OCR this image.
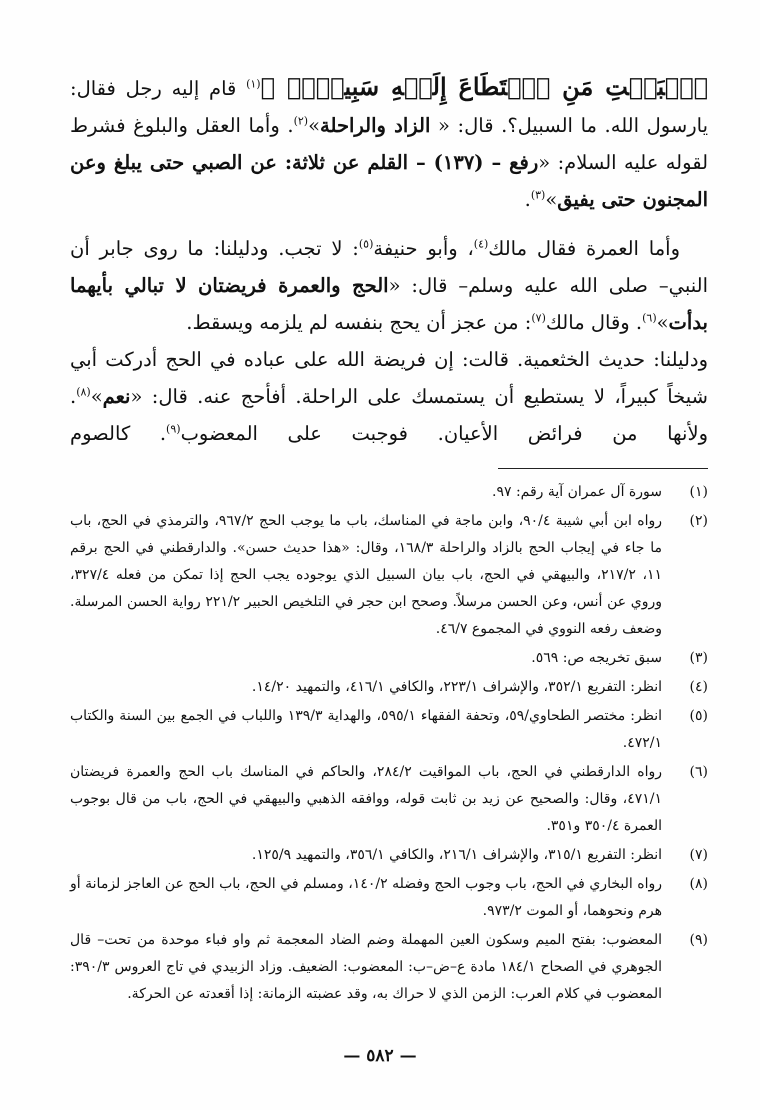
ٱلۡبَيۡتِ مَنِ ٱسۡتَطَاعَ إِلَيۡهِ سَبِيلٗاۚ ﴾$^{(١)}$ قام إليه رجل فقال: يارسول الله. ما السبيل؟. قال: « الزاد والراحلة»$^{(٢)}$. وأما العقل والبلوغ فشرط لقوله عليه السلام: «رفع – (١٣٧) – القلم عن ثلاثة: عن الصبي حتى يبلغ وعن المجنون حتى يفيق»$^{(٣)}$.

وأما العمرة فقال مالك$^{(٤)}$، وأبو حنيفة$^{(٥)}$: لا تجب. ودليلنا: ما روى جابر أن النبي– صلى الله عليه وسلم– قال: «الحج والعمرة فريضتان لا تبالي بأيهما بدأت»$^{(٦)}$. وقال مالك$^{(٧)}$: من عجز أن يحج بنفسه لم يلزمه ويسقط.

ودليلنا: حديث الخثعمية. قالت: إن فريضة الله على عباده في الحج أدركت أبي شيخاً كبيراً، لا يستطيع أن يستمسك على الراحلة. أفأحج عنه. قال: «نعم»$^{(٨)}$. ولأنها من فرائض الأعيان. فوجبت على المعضوب$^{(٩)}$. كالصوم

(١)
سورة آل عمران آية رقم: ٩٧.
(٢)
رواه ابن أبي شيبة ٩٠/٤، وابن ماجة في المناسك، باب ما يوجب الحج ٩٦٧/٢، والترمذي في الحج، باب ما جاء في إيجاب الحج بالزاد والراحلة ١٦٨/٣، وقال: «هذا حديث حسن». والدارقطني في الحج برقم ١١، ٢١٧/٢، والبيهقي في الحج، باب بيان السبيل الذي يوجوده يجب الحج إذا تمكن من فعله ٣٢٧/٤، وروي عن أنس، وعن الحسن مرسلاً. وصحح ابن حجر في التلخيص الحبير ٢٢١/٢ رواية الحسن المرسلة. وضعف رفعه النووي في المجموع ٤٦/٧.
(٣)
سبق تخريجه ص: ٥٦٩.
(٤)
انظر: التفريع ٣٥٢/١، والإشراف ٢٢٣/١، والكافي ٤١٦/١، والتمهيد ١٤/٢٠.
(٥)
انظر: مختصر الطحاوي/٥٩، وتحفة الفقهاء ٥٩٥/١، والهداية ١٣٩/٣ واللباب في الجمع بين السنة والكتاب ٤٧٢/١.
(٦)
رواه الدارقطني في الحج، باب المواقيت ٢٨٤/٢، والحاكم في المناسك باب الحج والعمرة فريضتان ٤٧١/١، وقال: والصحيح عن زيد بن ثابت قوله، ووافقه الذهبي والبيهقي في الحج، باب من قال بوجوب العمرة ٣٥٠/٤ و٣٥١.
(٧)
انظر: التفريع ٣١٥/١، والإشراف ٢١٦/١، والكافي ٣٥٦/١، والتمهيد ١٢٥/٩.
(٨)
رواه البخاري في الحج، باب وجوب الحج وفضله ١٤٠/٢، ومسلم في الحج، باب الحج عن العاجز لزمانة أو هرم ونحوهما، أو الموت ٩٧٣/٢.
(٩)
المعضوب: بفتح الميم وسكون العين المهملة وضم الضاد المعجمة ثم واو فباء موحدة من تحت– قال الجوهري في الصحاح ١٨٤/١ مادة ع–ض–ب: المعضوب: الضعيف. وزاد الزبيدي في تاج العروس ٣٩٠/٣: المعضوب في كلام العرب: الزمن الذي لا حراك به، وقد عضبته الزمانة: إذا أقعدته عن الحركة.
— ٥٨٢ —
